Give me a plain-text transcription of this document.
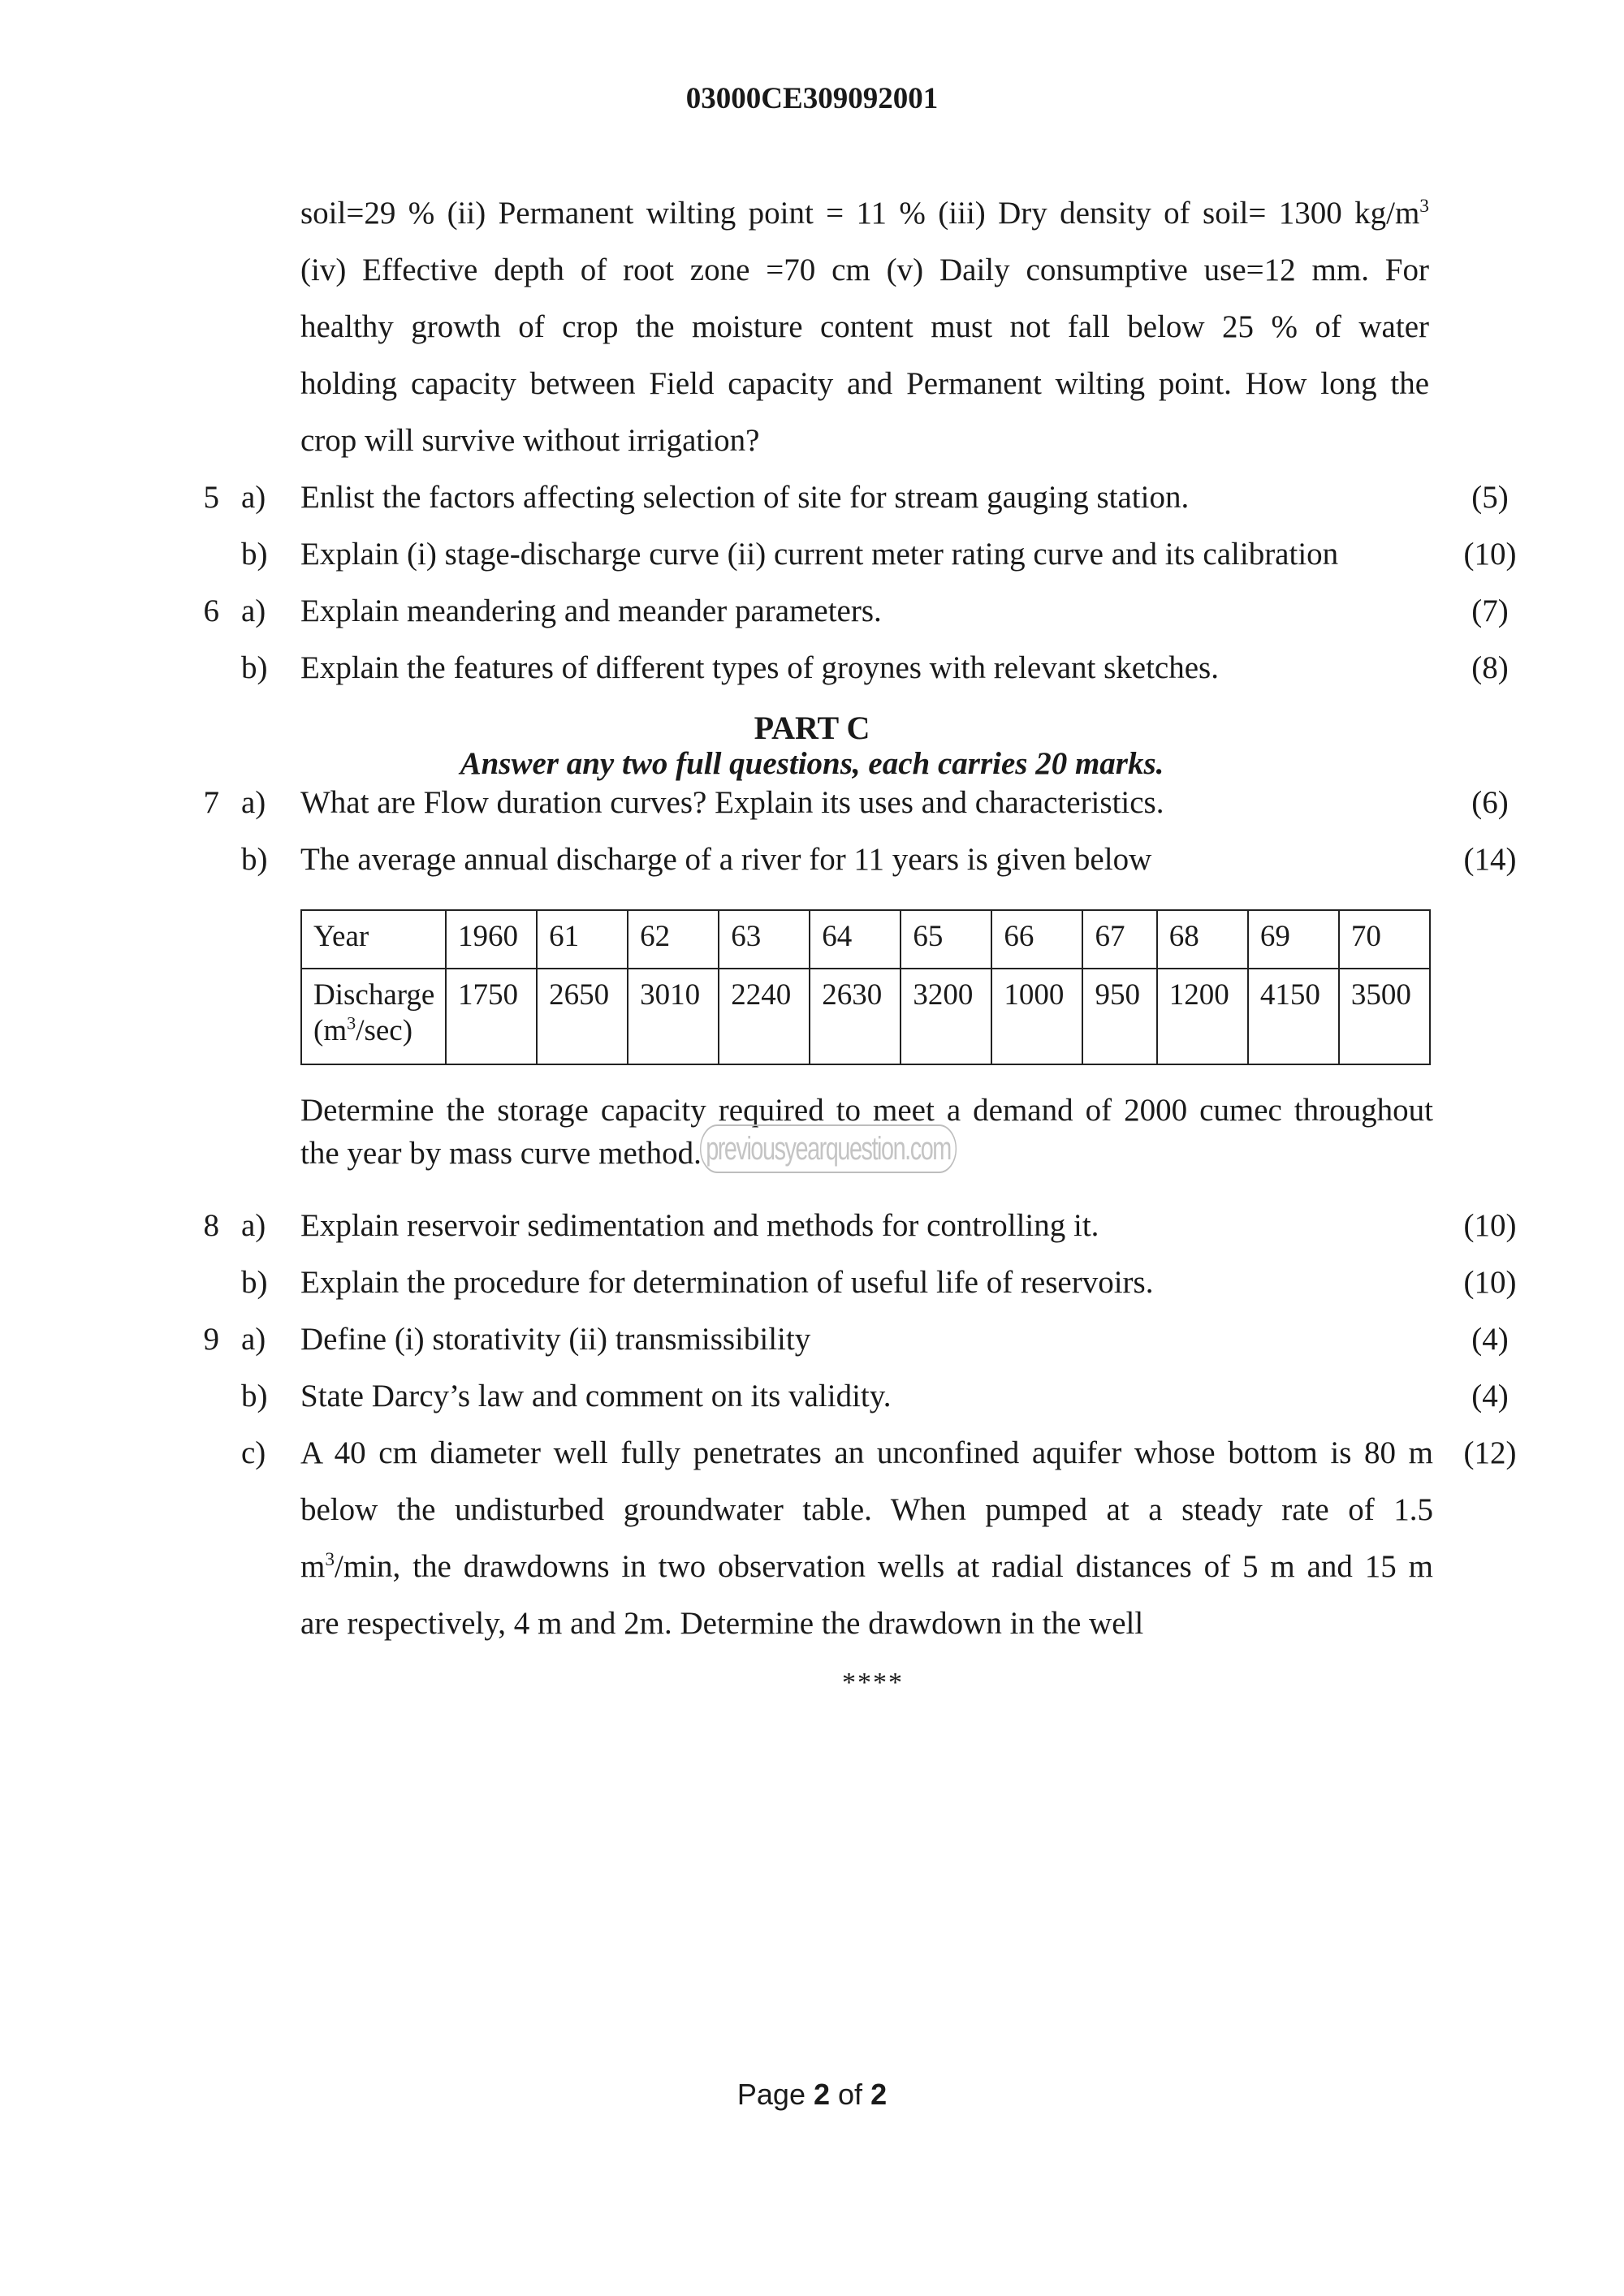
03000CE309092001

soil=29 % (ii) Permanent wilting point = 11 % (iii) Dry density of soil= 1300 $kg/m^3$

(iv) Effective depth of root zone =70 cm (v) Daily consumptive use=12 mm. For

healthy growth of crop the moisture content must not fall below 25 % of water

holding capacity between Field capacity and Permanent wilting point. How long the

crop will survive without irrigation?

5 a) Enlist the factors affecting selection of site for stream gauging station.	(5)
b) Explain (i) stage-discharge curve (ii) current meter rating curve and its calibration	(10)
6 a) Explain meandering and meander parameters.	(7)
b) Explain the features of different types of groynes with relevant sketches.	(8)
PART C
Answer any two full questions, each carries 20 marks.
7 a) What are Flow duration curves? Explain its uses and characteristics.	(6)
b) The average annual discharge of a river for 11 years is given below	(14)
Year	1960	61	62	63	64	65	66	67	68	69	70
Discharge
$(m^3/\sec)$	1750	2650	3010	2240	2630	3200	1000	950	1200	4150	3500
Determine the storage capacity required to meet a demand of 2000 cumec throughout
the year by mass curve method. previousyearquestion.com
8 a) Explain reservoir sedimentation and methods for controlling it.	(10)
b) Explain the procedure for determination of useful life of reservoirs.	(10)
9 a) Define (i) storativity (ii) transmissibility	(4)
b) State Darcy’s law and comment on its validity.	(4)
c) A 40 cm diameter well fully penetrates an unconfined aquifer whose bottom is 80 m (12)
below the undisturbed groundwater table. When pumped at a steady rate of 1.5
$m^3/\min$, the drawdowns in two observation wells at radial distances of 5 m and 15 m
are respectively, 4 m and 2m. Determine the drawdown in the well
****
Page 2 of 2
